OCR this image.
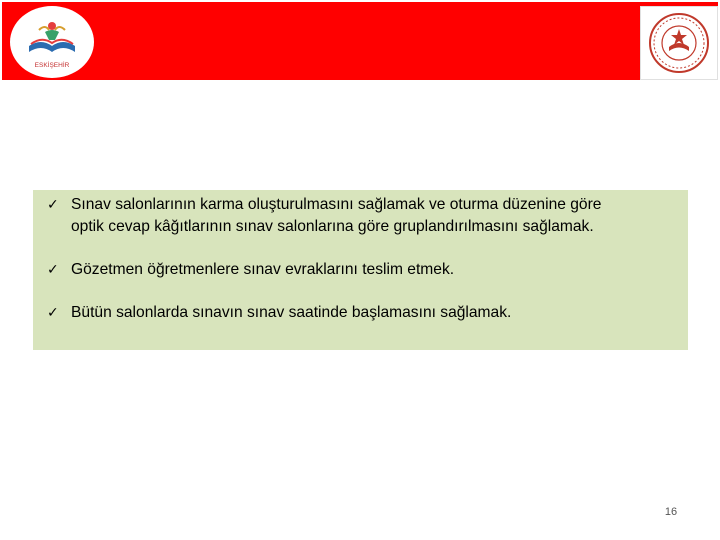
ESKİŞEHİR
✓ Sınav salonlarının karma oluşturulmasını sağlamak ve oturma düzenine göre
optik cevap kâğıtlarının sınav salonlarına göre gruplandırılmasını sağlamak.
✓ Gözetmen öğretmenlere sınav evraklarını teslim etmek.
✓ Bütün salonlarda sınavın sınav saatinde başlamasını sağlamak.
16
